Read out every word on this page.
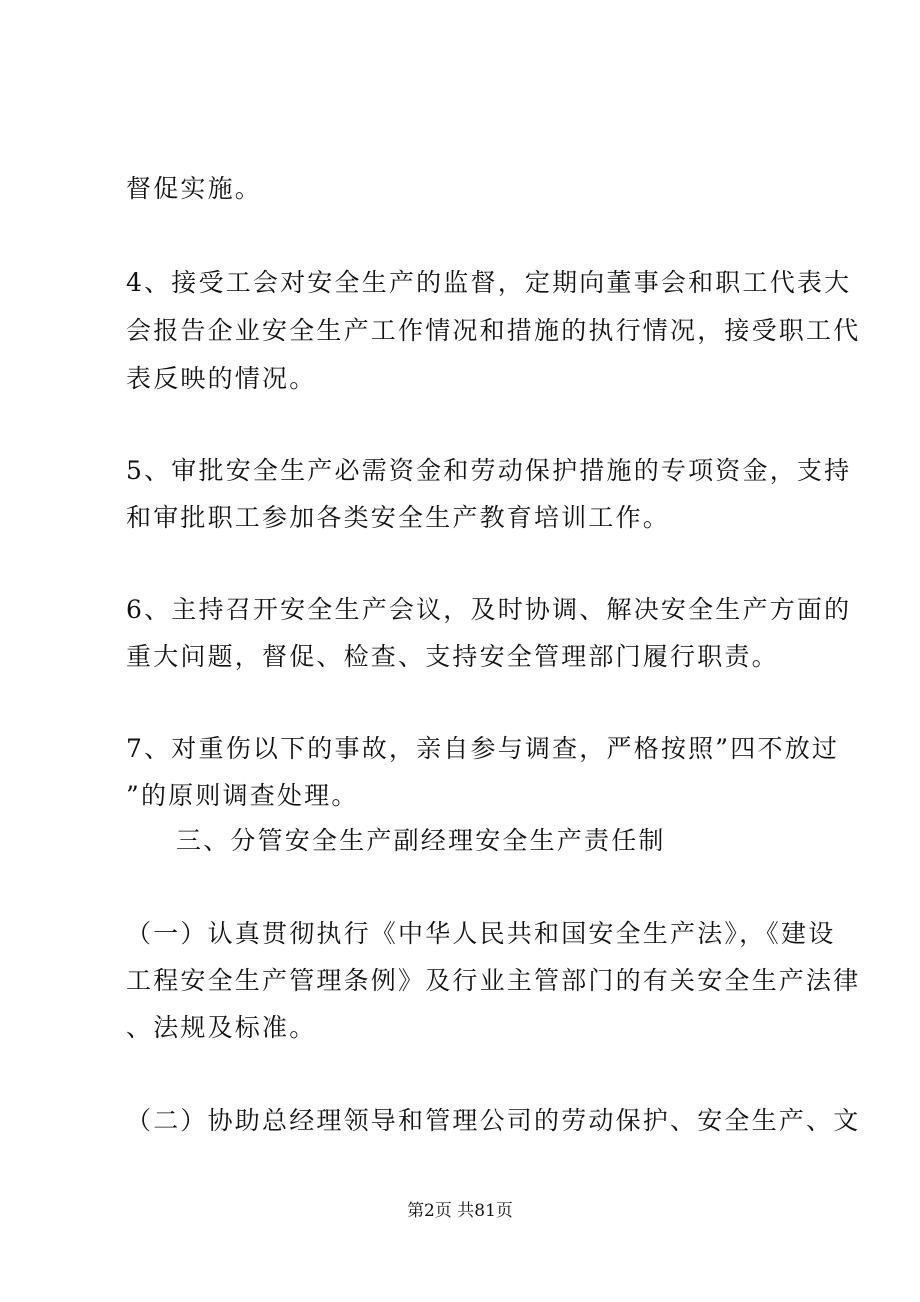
督促实施。
4、接受工会对安全生产的监督，定期向董事会和职工代表大
会报告企业安全生产工作情况和措施的执行情况，接受职工代
表反映的情况。
5、审批安全生产必需资金和劳动保护措施的专项资金，支持
和审批职工参加各类安全生产教育培训工作。
6、主持召开安全生产会议，及时协调、解决安全生产方面的
重大问题，督促、检查、支持安全管理部门履行职责。
7、对重伤以下的事故，亲自参与调查，严格按照”四不放过
”的原则调查处理。
三、分管安全生产副经理安全生产责任制
（一）认真贯彻执行《中华人民共和国安全生产法》，《建设
工程安全生产管理条例》及行业主管部门的有关安全生产法律
、法规及标准。
（二）协助总经理领导和管理公司的劳动保护、安全生产、文
第2页 共81页
